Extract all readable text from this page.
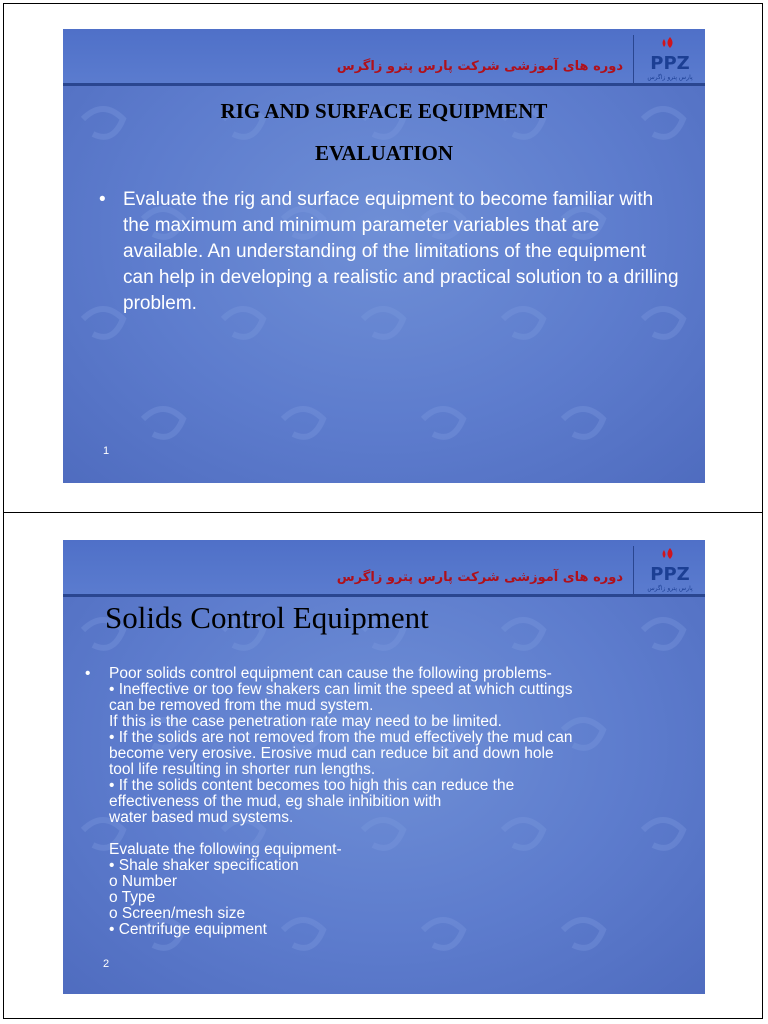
دوره های آموزشی شرکت پارس پترو زاگرس PPZ
پارس پترو زاگرس
RIG AND SURFACE EQUIPMENT
EVALUATION
• Evaluate the rig and surface equipment to become familiar with the maximum and minimum parameter variables that are available. An understanding of the limitations of the equipment can help in developing a realistic and practical solution to a drilling problem.
1
دوره های آموزشی شرکت پارس پترو زاگرس PPZ
پارس پترو زاگرس
Solids Control Equipment
•	Poor solids control equipment can cause the following problems-
• Ineffective or too few shakers can limit the speed at which cuttings
can be removed from the mud system.
If this is the case penetration rate may need to be limited.
• If the solids are not removed from the mud effectively the mud can
become very erosive. Erosive mud can reduce bit and down hole
tool life resulting in shorter run lengths.
• If the solids content becomes too high this can reduce the
effectiveness of the mud, eg shale inhibition with
water based mud systems.
Evaluate the following equipment-
• Shale shaker specification
o Number
o Type
o Screen/mesh size
• Centrifuge equipment
2
